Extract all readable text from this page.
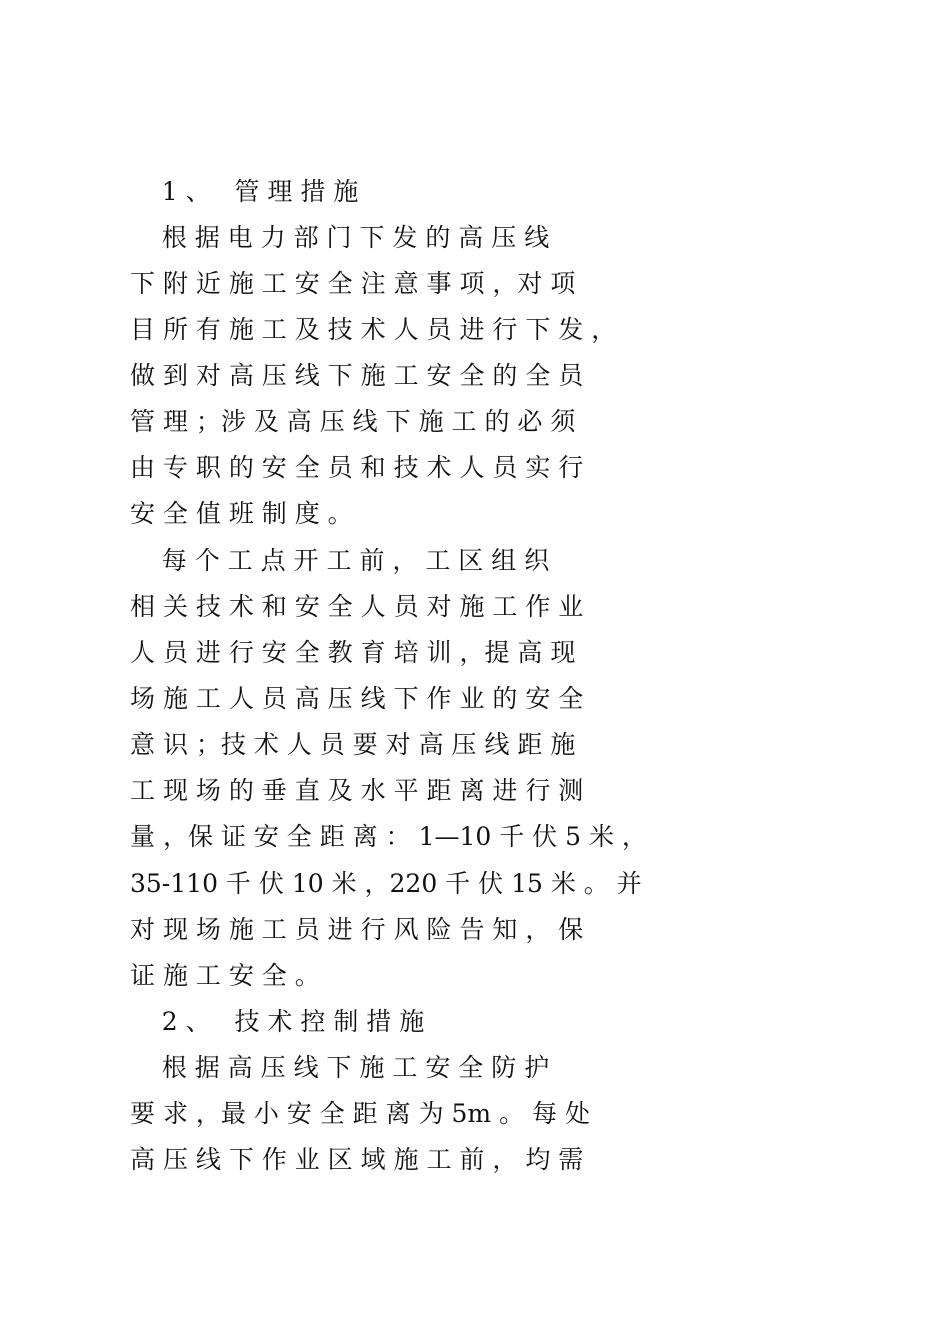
1 、   管 理 措 施
根 据 电 力 部 门 下 发 的 高 压 线
下 附 近 施 工 安 全 注 意 事 项 ，对 项
目 所 有 施 工 及 技 术 人 员 进 行 下 发 ，
做 到 对 高 压 线 下 施 工 安 全 的 全 员
管 理 ；涉 及 高 压 线 下 施 工 的 必 须
由 专 职 的 安 全 员 和 技 术 人 员 实 行
安 全 值 班 制 度 。
每 个 工 点 开 工 前 ， 工 区 组 织
相 关 技 术 和 安 全 人 员 对 施 工 作 业
人 员 进 行 安 全 教 育 培 训 ，提 高 现
场 施 工 人 员 高 压 线 下 作 业 的 安 全
意 识 ；技 术 人 员 要 对 高 压 线 距 施
工 现 场 的 垂 直 及 水 平 距 离 进 行 测
量 ，保 证 安 全 距 离 ： 1—10 千 伏 5 米 ，
35-110 千 伏 10 米 ，220 千 伏 15 米 。 并
对 现 场 施 工 员 进 行 风 险 告 知 ， 保
证 施 工 安 全 。
2 、   技 术 控 制 措 施
根 据 高 压 线 下 施 工 安 全 防 护
要 求 ，最 小 安 全 距 离 为 5m 。 每 处
高 压 线 下 作 业 区 域 施 工 前 ， 均 需
